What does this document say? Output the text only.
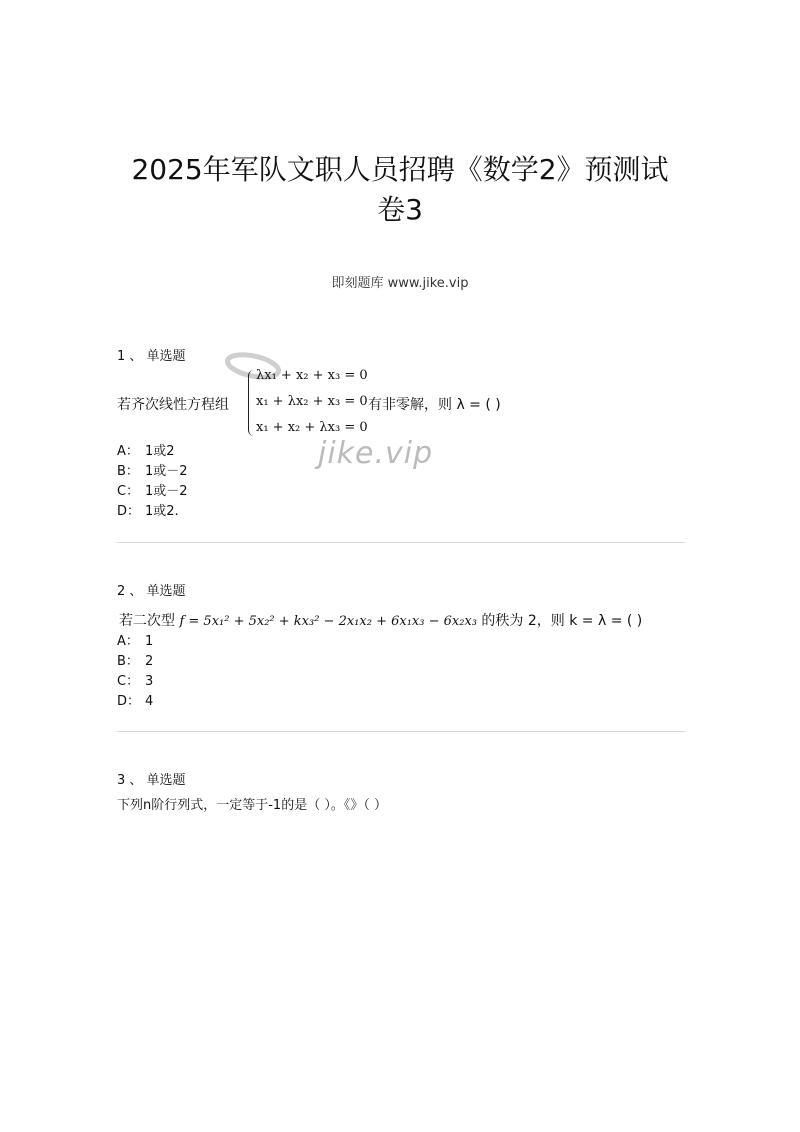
2025年军队文职人员招聘《数学2》预测试
卷3
即刻题库 www.jike.vip
jike.vip
1 、 单选题
若齐次线性方程组
λx₁ + x₂ + x₃ = 0
x₁ + λx₂ + x₃ = 0
x₁ + x₂ + λx₃ = 0
有非零解，则 λ = ( )
A： 1或2
B： 1或－2
C： 1或－2
D： 1或2.
2 、 单选题
若二次型 f = 5x₁² + 5x₂² + kx₃² − 2x₁x₂ + 6x₁x₃ − 6x₂x₃ 的秩为 2，则 k = λ = ( )
A： 1
B： 2
C： 3
D： 4
3 、 单选题
下列n阶行列式，一定等于-1的是（ ）。《》（ ）
